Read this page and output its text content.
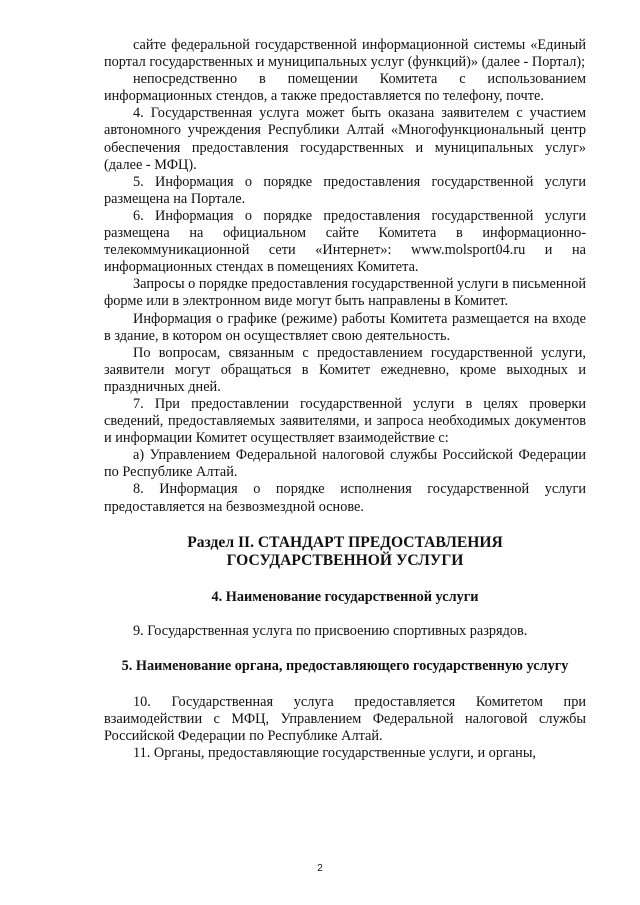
сайте федеральной государственной информационной системы «Единый портал государственных и муниципальных услуг (функций)» (далее - Портал);

непосредственно в помещении Комитета с использованием информационных стендов, а также предоставляется по телефону, почте.

4. Государственная услуга может быть оказана заявителем с участием автономного учреждения Республики Алтай «Многофункциональный центр обеспечения предоставления государственных и муниципальных услуг» (далее - МФЦ).

5. Информация о порядке предоставления государственной услуги размещена на Портале.

6. Информация о порядке предоставления государственной услуги размещена на официальном сайте Комитета в информационно-телекоммуникационной сети «Интернет»: www.molsport04.ru и на информационных стендах в помещениях Комитета.

Запросы о порядке предоставления государственной услуги в письменной форме или в электронном виде могут быть направлены в Комитет.

Информация о графике (режиме) работы Комитета размещается на входе в здание, в котором он осуществляет свою деятельность.

По вопросам, связанным с предоставлением государственной услуги, заявители могут обращаться в Комитет ежедневно, кроме выходных и праздничных дней.

7. При предоставлении государственной услуги в целях проверки сведений, предоставляемых заявителями, и запроса необходимых документов и информации Комитет осуществляет взаимодействие с:

а) Управлением Федеральной налоговой службы Российской Федерации по Республике Алтай.

8. Информация о порядке исполнения государственной услуги предоставляется на безвозмездной основе.

Раздел II. СТАНДАРТ ПРЕДОСТАВЛЕНИЯ ГОСУДАРСТВЕННОЙ УСЛУГИ
4. Наименование государственной услуги

9. Государственная услуга по присвоению спортивных разрядов.

5. Наименование органа, предоставляющего государственную услугу

10. Государственная услуга предоставляется Комитетом при взаимодействии с МФЦ, Управлением Федеральной налоговой службы Российской Федерации по Республике Алтай.

11. Органы, предоставляющие государственные услуги, и органы,

2
